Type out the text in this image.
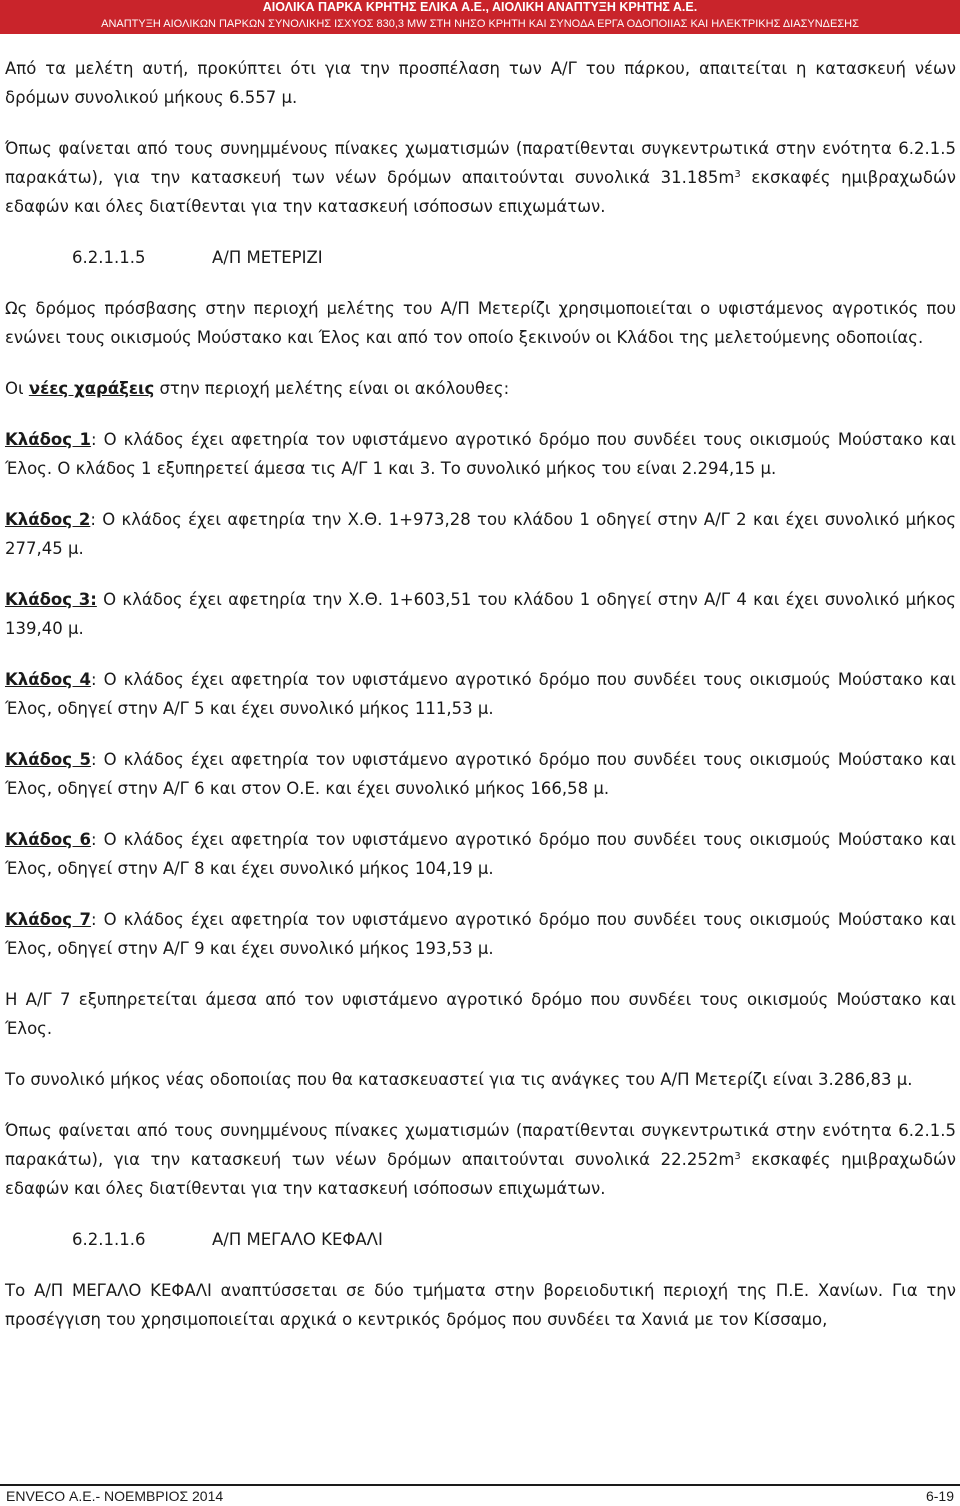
ΑΙΟΛΙΚΑ ΠΑΡΚΑ ΚΡΗΤΗΣ ΕΛΙΚΑ Α.Ε., ΑΙΟΛΙΚΗ ΑΝΑΠΤΥΞΗ ΚΡΗΤΗΣ Α.Ε.
ΑΝΑΠΤΥΞΗ ΑΙΟΛΙΚΩΝ ΠΑΡΚΩΝ ΣΥΝΟΛΙΚΗΣ ΙΣΧΥΟΣ 830,3 MW ΣΤΗ ΝΗΣΟ ΚΡΗΤΗ ΚΑΙ ΣΥΝΟΔΑ ΕΡΓΑ ΟΔΟΠΟΙΙΑΣ ΚΑΙ ΗΛΕΚΤΡΙΚΗΣ ΔΙΑΣΥΝΔΕΣΗΣ

Από τα μελέτη αυτή, προκύπτει ότι για την προσπέλαση των Α/Γ του πάρκου, απαιτείται η κατασκευή νέων δρόμων συνολικού μήκους 6.557 μ.

Όπως φαίνεται από τους συνημμένους πίνακες χωματισμών (παρατίθενται συγκεντρωτικά στην ενότητα 6.2.1.5 παρακάτω), για την κατασκευή των νέων δρόμων απαιτούνται συνολικά $31.185m^3$ εκσκαφές ημιβραχωδών εδαφών και όλες διατίθενται για την κατασκευή ισόποσων επιχωμάτων.

6.2.1.1.5	Α/Π ΜΕΤΕΡΙΖΙ

Ως δρόμος πρόσβασης στην περιοχή μελέτης του Α/Π Μετερίζι χρησιμοποιείται ο υφιστάμενος αγροτικός που ενώνει τους οικισμούς Μούστακο και Έλος και από τον οποίο ξεκινούν οι Κλάδοι της μελετούμενης οδοποιίας.

Οι νέες χαράξεις στην περιοχή μελέτης είναι οι ακόλουθες:

Κλάδος 1: Ο κλάδος έχει αφετηρία τον υφιστάμενο αγροτικό δρόμο που συνδέει τους οικισμούς Μούστακο και Έλος. Ο κλάδος 1 εξυπηρετεί άμεσα τις Α/Γ 1 και 3. Το συνολικό μήκος του είναι 2.294,15 μ.

Κλάδος 2: Ο κλάδος έχει αφετηρία την Χ.Θ. 1+973,28 του κλάδου 1 οδηγεί στην Α/Γ 2 και έχει συνολικό μήκος 277,45 μ.

Κλάδος 3: Ο κλάδος έχει αφετηρία την Χ.Θ. 1+603,51 του κλάδου 1 οδηγεί στην Α/Γ 4 και έχει συνολικό μήκος 139,40 μ.

Κλάδος 4: Ο κλάδος έχει αφετηρία τον υφιστάμενο αγροτικό δρόμο που συνδέει τους οικισμούς Μούστακο και Έλος, οδηγεί στην Α/Γ 5 και έχει συνολικό μήκος 111,53 μ.

Κλάδος 5: Ο κλάδος έχει αφετηρία τον υφιστάμενο αγροτικό δρόμο που συνδέει τους οικισμούς Μούστακο και Έλος, οδηγεί στην Α/Γ 6 και στον Ο.Ε. και έχει συνολικό μήκος 166,58 μ.

Κλάδος 6: Ο κλάδος έχει αφετηρία τον υφιστάμενο αγροτικό δρόμο που συνδέει τους οικισμούς Μούστακο και Έλος, οδηγεί στην Α/Γ 8 και έχει συνολικό μήκος 104,19 μ.

Κλάδος 7: Ο κλάδος έχει αφετηρία τον υφιστάμενο αγροτικό δρόμο που συνδέει τους οικισμούς Μούστακο και Έλος, οδηγεί στην Α/Γ 9 και έχει συνολικό μήκος 193,53 μ.

Η Α/Γ 7 εξυπηρετείται άμεσα από τον υφιστάμενο αγροτικό δρόμο που συνδέει τους οικισμούς Μούστακο και Έλος.

Το συνολικό μήκος νέας οδοποιίας που θα κατασκευαστεί για τις ανάγκες του Α/Π Μετερίζι είναι 3.286,83 μ.

Όπως φαίνεται από τους συνημμένους πίνακες χωματισμών (παρατίθενται συγκεντρωτικά στην ενότητα 6.2.1.5 παρακάτω), για την κατασκευή των νέων δρόμων απαιτούνται συνολικά $22.252m^3$ εκσκαφές ημιβραχωδών εδαφών και όλες διατίθενται για την κατασκευή ισόποσων επιχωμάτων.

6.2.1.1.6	Α/Π ΜΕΓΑΛΟ ΚΕΦΑΛΙ

Το Α/Π ΜΕΓΑΛΟ ΚΕΦΑΛΙ αναπτύσσεται σε δύο τμήματα στην βορειοδυτική περιοχή της Π.Ε. Χανίων. Για την προσέγγιση του χρησιμοποιείται αρχικά ο κεντρικός δρόμος που συνδέει τα Χανιά με τον Κίσσαμο,

ENVECO Α.Ε.- ΝΟΕΜΒΡΙΟΣ 2014	6-19
